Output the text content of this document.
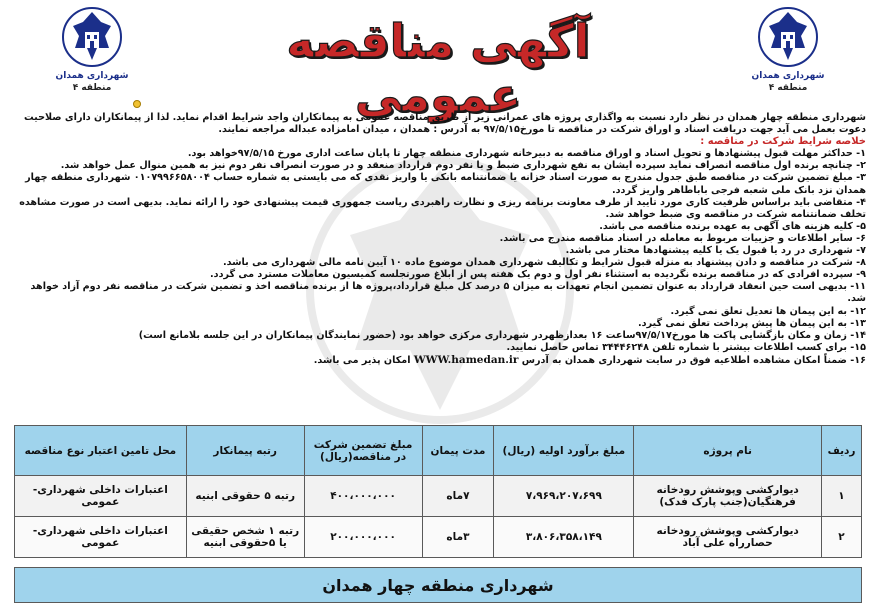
شهرداری همدان
منطقه ۴
آگهی مناقصه عمومی	شهرداری همدان
منطقه ۴

شهرداری منطقه چهار همدان در نظر دارد نسبت به واگذاری پروژه های عمرانی زیر از طریق مناقصه عمومی به پیمانکاران واجد شرایط اقدام نماید. لذا از پیمانکاران دارای صلاحیت دعوت بعمل می آید جهت دریافت اسناد و اوراق شرکت در مناقصه تا مورخ۹۷/۵/۱۵ به آدرس : همدان ، میدان امامزاده عبداله مراجعه نمایند.

خلاصه شرایط شرکت در مناقصه :

۱- حداکثر مهلت قبول پیشنهادها و تحویل اسناد و اوراق مناقصه به دبیرخانه شهرداری منطقه چهار تا پایان ساعت اداری مورخ ۹۷/۵/۱۵خواهد بود.

۲- چنانچه برنده اول مناقصه انصراف نماید سپرده ایشان به نفع شهرداری ضبط و با نفر دوم قرارداد منعقد و در صورت انصراف نفر دوم نیز به همین منوال عمل خواهد شد.

۳- مبلغ تضمین شرکت در مناقصه طبق جدول مندرج به صورت اسناد خزانه یا ضمانتنامه بانکی یا واریز نقدی که می بایستی به شماره حساب ۰۱۰۷۹۹۶۶۵۸۰۰۴ شهرداری منطقه چهار همدان نزد بانک ملی شعبه فرجی باباطاهر واریز گردد.

۴- متقاضی باید براساس ظرفیت کاری مورد تایید از طرف معاونت برنامه ریزی و نظارت راهبردی ریاست جمهوری قیمت پیشنهادی خود را ارائه نماید. بدیهی است در صورت مشاهده تخلف ضمانتنامه شرکت در مناقصه وی ضبط خواهد شد.

۵- کلیه هزینه های آگهی به عهده برنده مناقصه می باشد.

۶- سایر اطلاعات و جزییات مربوط به معامله در اسناد مناقصه مندرج می باشد.

۷- شهرداری در رد یا قبول یک یا کلیه پیشنهادها مختار می باشد.

۸- شرکت در مناقصه و دادن پیشنهاد به منزله قبول شرایط و تکالیف شهرداری همدان موضوع ماده ۱۰ آیین نامه مالی شهرداری می باشد.

۹- سپرده افرادی که در مناقصه برنده نگردیده به استثناء نفر اول و دوم یک هفته پس از ابلاغ صورتجلسه کمیسیون معاملات مسترد می گردد.

۱۱- بدیهی است حین انعقاد قرارداد به عنوان تضمین انجام تعهدات به میزان ۵ درصد کل مبلغ قرارداد،پروژه ها از برنده مناقصه اخذ و تضمین شرکت در مناقصه نفر دوم آزاد خواهد شد.

۱۲- به این پیمان ها تعدیل تعلق نمی گیرد.

۱۳- به این پیمان ها پیش پرداخت تعلق نمی گیرد.

۱۴- زمان و مکان بازگشایی پاکت ها مورخ۹۷/۵/۱۷ساعت ۱۶ بعدازظهردر شهرداری مرکزی خواهد بود (حضور نمایندگان پیمانکاران در این جلسه بلامانع است)

۱۵- برای کسب اطلاعات بیشتر با شماره تلفن ۳۴۴۴۶۲۴۸ تماس حاصل نمایید.

۱۶- ضمناً امکان مشاهده اطلاعیه فوق در سایت شهرداری همدان به آدرس WWW.hamedan.ir امکان پذیر می باشد.

ردیف	نام پروژه	مبلغ برآورد اولیه (ریال)	مدت پیمان	مبلغ تضمین شرکت در مناقصه(ریال)	رتبه پیمانکار	محل تامین اعتبار نوع مناقصه
۱	دیوارکشی وپوشش رودخانه فرهنگیان(جنب پارک فدک)	۷،۹۶۹،۲۰۷،۶۹۹	۷ماه	۴۰۰،۰۰۰،۰۰۰	رتبه ۵ حقوقی ابنیه	اعتبارات داخلی شهرداری-عمومی
۲	دیوارکشی وپوشش رودخانه حصارراه علی آباد	۳،۸۰۶،۳۵۸،۱۴۹	۳ماه	۲۰۰،۰۰۰،۰۰۰	رتبه ۱ شخص حقیقی یا ۵حقوقی ابنیه	اعتبارات داخلی شهرداری-عمومی
شهرداری منطقه چهار همدان
